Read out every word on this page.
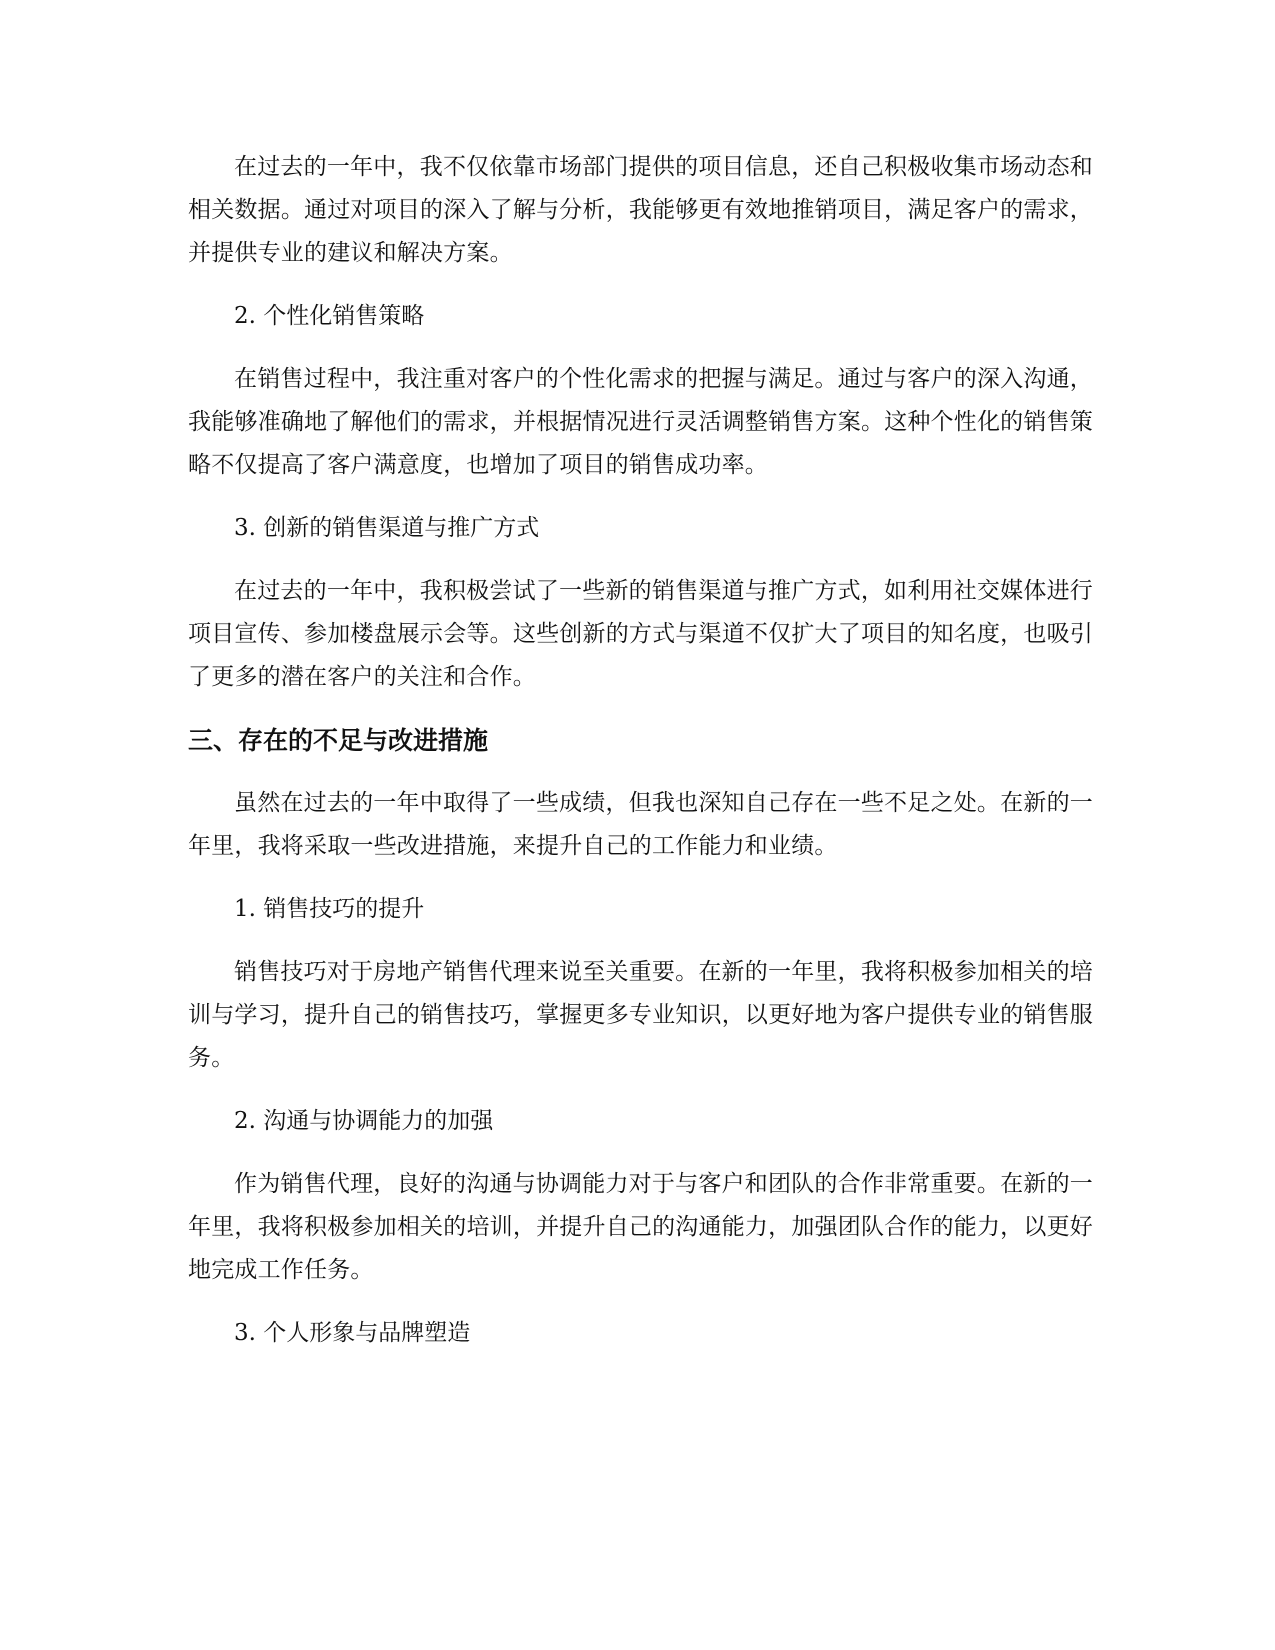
在过去的一年中，我不仅依靠市场部门提供的项目信息，还自己积极收集市场动态和相关数据。通过对项目的深入了解与分析，我能够更有效地推销项目，满足客户的需求，并提供专业的建议和解决方案。

2. 个性化销售策略

在销售过程中，我注重对客户的个性化需求的把握与满足。通过与客户的深入沟通，我能够准确地了解他们的需求，并根据情况进行灵活调整销售方案。这种个性化的销售策略不仅提高了客户满意度，也增加了项目的销售成功率。

3. 创新的销售渠道与推广方式

在过去的一年中，我积极尝试了一些新的销售渠道与推广方式，如利用社交媒体进行项目宣传、参加楼盘展示会等。这些创新的方式与渠道不仅扩大了项目的知名度，也吸引了更多的潜在客户的关注和合作。

三、存在的不足与改进措施

虽然在过去的一年中取得了一些成绩，但我也深知自己存在一些不足之处。在新的一年里，我将采取一些改进措施，来提升自己的工作能力和业绩。

1. 销售技巧的提升

销售技巧对于房地产销售代理来说至关重要。在新的一年里，我将积极参加相关的培训与学习，提升自己的销售技巧，掌握更多专业知识，以更好地为客户提供专业的销售服务。

2. 沟通与协调能力的加强

作为销售代理，良好的沟通与协调能力对于与客户和团队的合作非常重要。在新的一年里，我将积极参加相关的培训，并提升自己的沟通能力，加强团队合作的能力，以更好地完成工作任务。

3. 个人形象与品牌塑造
